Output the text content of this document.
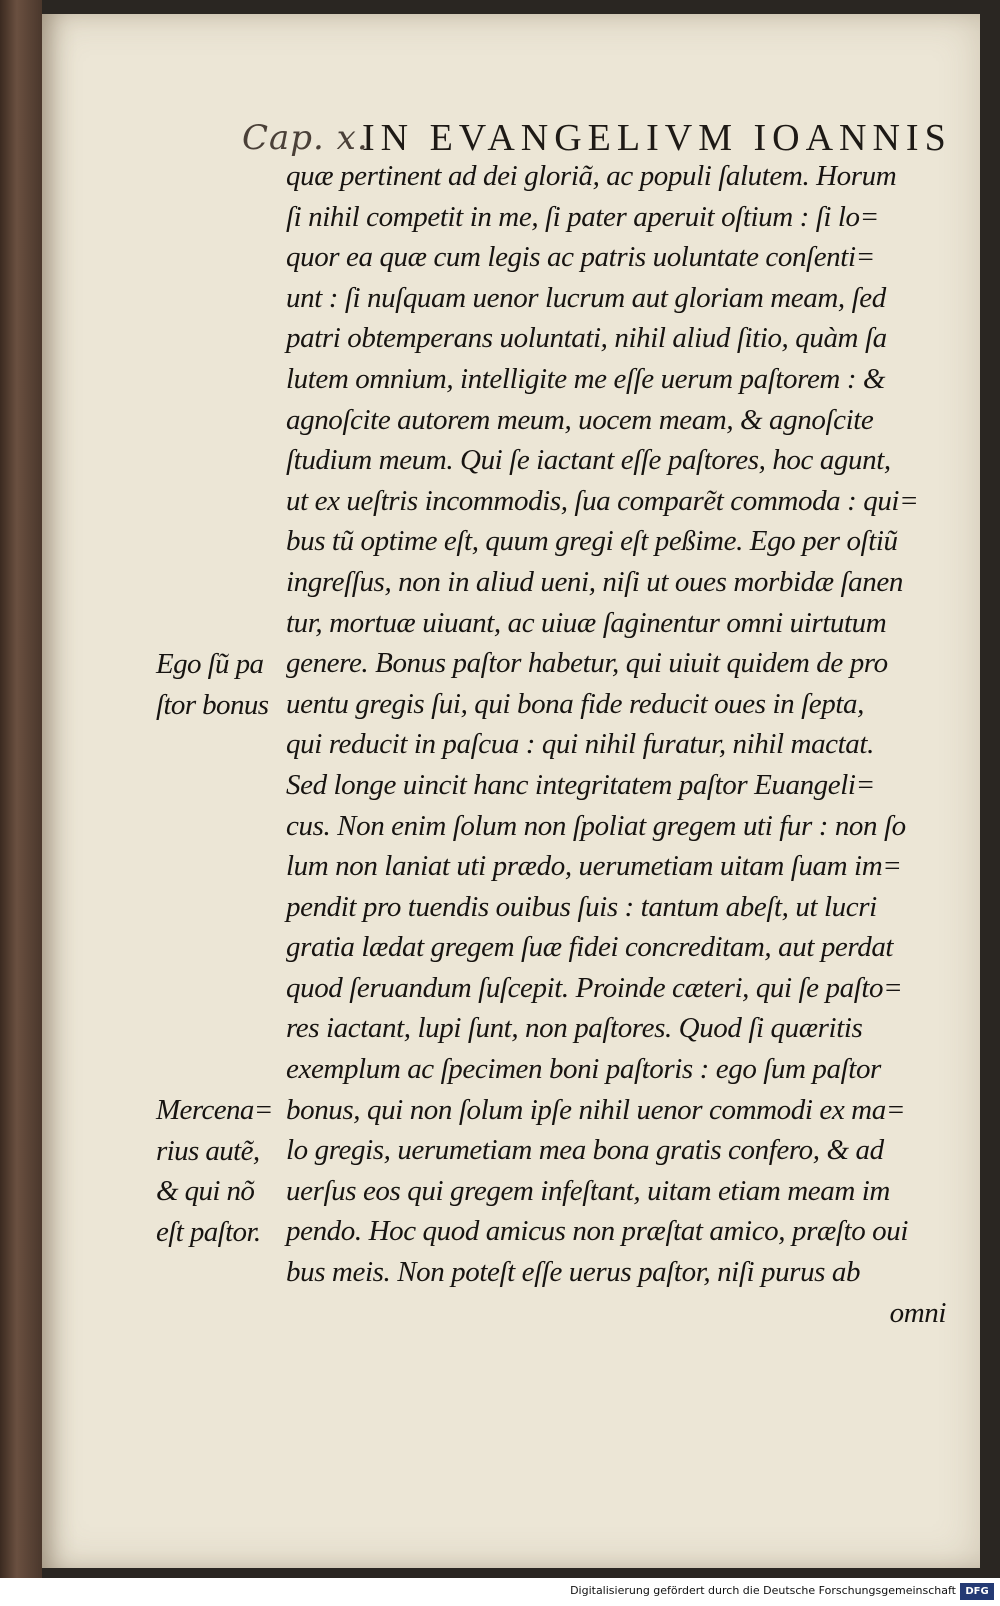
Cap. x.
IN EVANGELIVM IOANNIS
quæ pertinent ad dei gloriã, ac populi ſalutem. Horum
ſi nihil competit in me, ſi pater aperuit oſtium : ſi lo=
quor ea quæ cum legis ac patris uoluntate conſenti=
unt : ſi nuſquam uenor lucrum aut gloriam meam, ſed
patri obtemperans uoluntati, nihil aliud ſitio, quàm ſa
lutem omnium, intelligite me eſſe uerum paſtorem : &
agnoſcite autorem meum, uocem meam, & agnoſcite
ſtudium meum. Qui ſe iactant eſſe paſtores, hoc agunt,
ut ex ueſtris incommodis, ſua comparẽt commoda : qui=
bus tũ optime eſt, quum gregi eſt peßime. Ego per oſtiũ
ingreſſus, non in aliud ueni, niſi ut oues morbidæ ſanen
tur, mortuæ uiuant, ac uiuæ ſaginentur omni uirtutum
genere. Bonus paſtor habetur, qui uiuit quidem de pro
uentu gregis ſui, qui bona fide reducit oues in ſepta,
qui reducit in paſcua : qui nihil furatur, nihil mactat.
Sed longe uincit hanc integritatem paſtor Euangeli=
cus. Non enim ſolum non ſpoliat gregem uti fur : non ſo
lum non laniat uti prædo, uerumetiam uitam ſuam im=
pendit pro tuendis ouibus ſuis : tantum abeſt, ut lucri
gratia lædat gregem ſuæ fidei concreditam, aut perdat
quod ſeruandum ſuſcepit. Proinde cæteri, qui ſe paſto=
res iactant, lupi ſunt, non paſtores. Quod ſi quæritis
exemplum ac ſpecimen boni paſtoris : ego ſum paſtor
bonus, qui non ſolum ipſe nihil uenor commodi ex ma=
lo gregis, uerumetiam mea bona gratis confero, & ad
uerſus eos qui gregem infeſtant, uitam etiam meam im
pendo. Hoc quod amicus non præſtat amico, præſto oui
bus meis. Non poteſt eſſe uerus paſtor, niſi purus ab
omni
Ego ſũ pa
ſtor bonus
Mercena=
rius autẽ,
& qui nõ
eſt paſtor.
Digitalisierung gefördert durch die Deutsche Forschungsgemeinschaft DFG
